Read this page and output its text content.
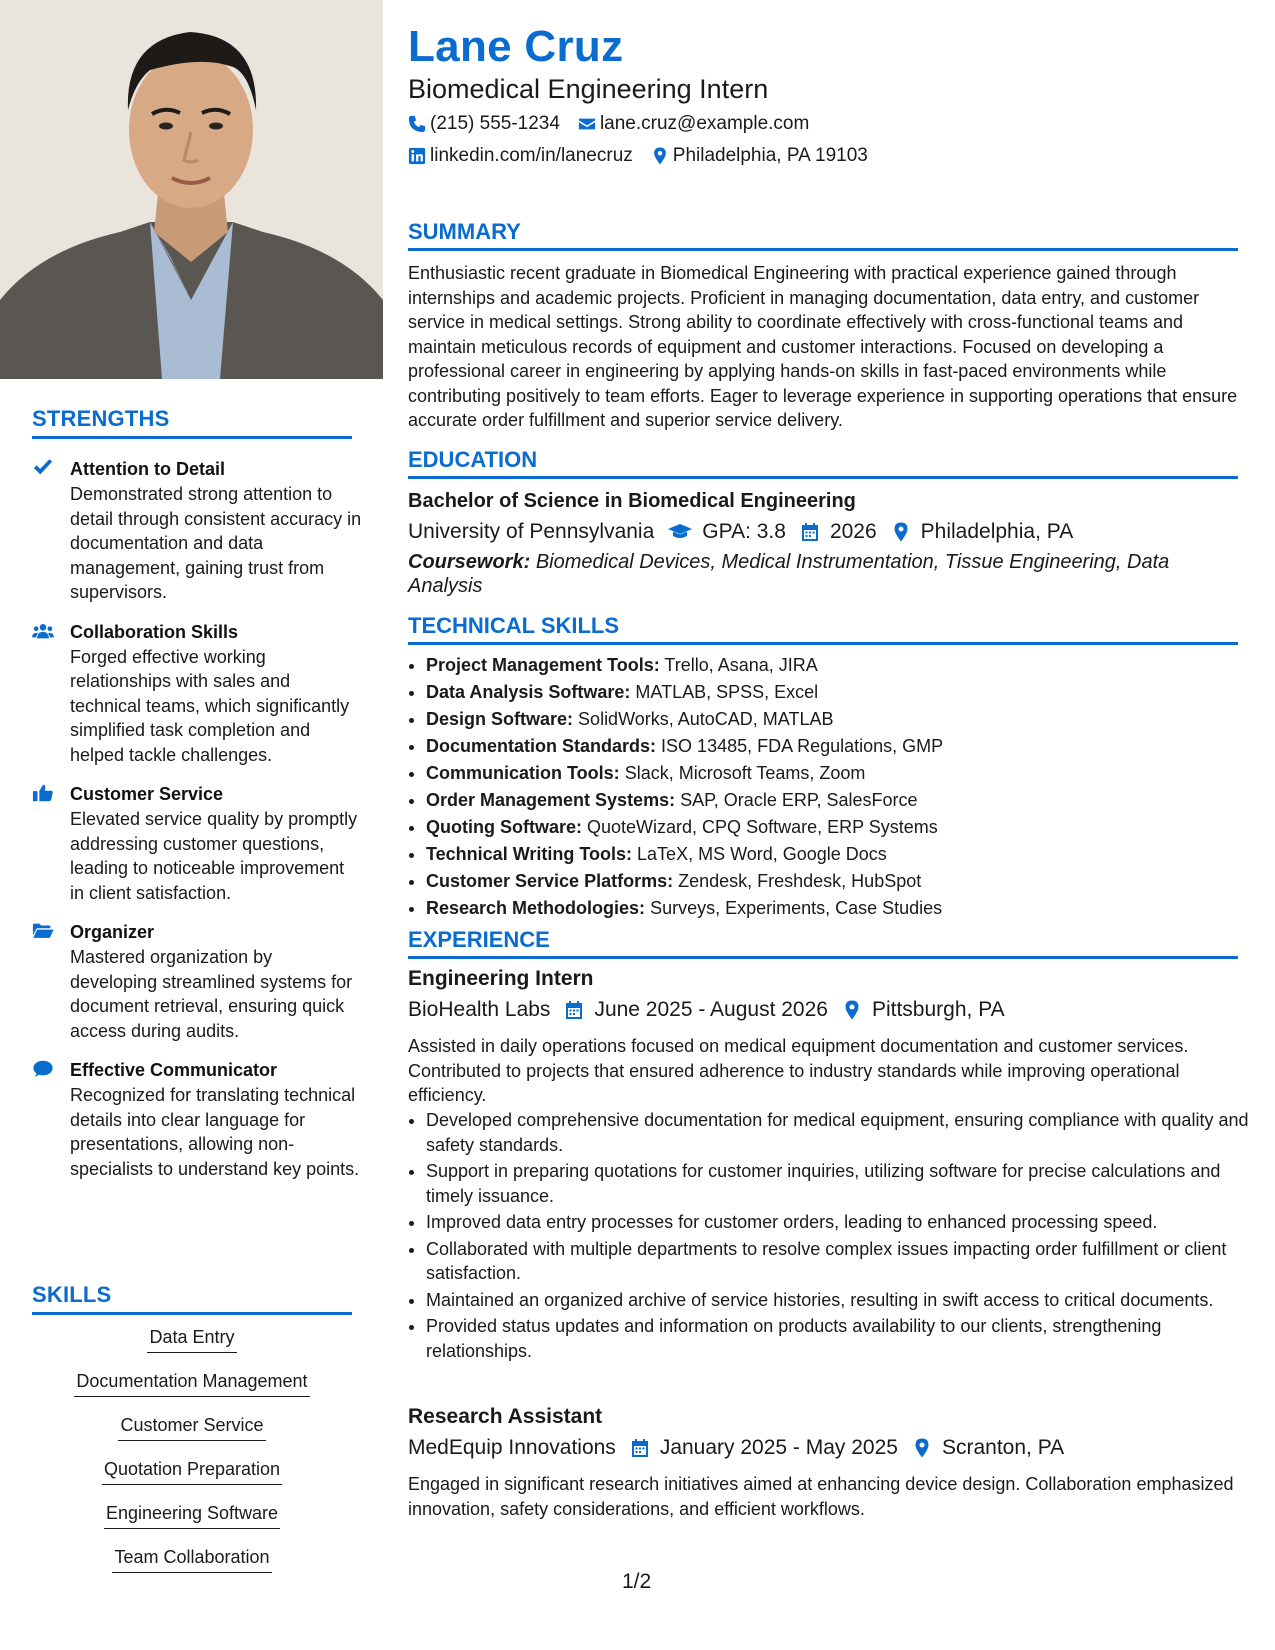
STRENGTHS
Attention to Detail
Demonstrated strong attention to detail through consistent accuracy in documentation and data management, gaining trust from supervisors.
Collaboration Skills
Forged effective working relationships with sales and technical teams, which significantly simplified task completion and helped tackle challenges.
Customer Service
Elevated service quality by promptly addressing customer questions, leading to noticeable improvement in client satisfaction.
Organizer
Mastered organization by developing streamlined systems for document retrieval, ensuring quick access during audits.
Effective Communicator
Recognized for translating technical details into clear language for presentations, allowing non-specialists to understand key points.
SKILLS
Data Entry
Documentation Management
Customer Service
Quotation Preparation
Engineering Software
Team Collaboration
Lane Cruz
Biomedical Engineering Intern
(215) 555-1234 lane.cruz@example.com
linkedin.com/in/lanecruz Philadelphia, PA 19103
SUMMARY
Enthusiastic recent graduate in Biomedical Engineering with practical experience gained through internships and academic projects. Proficient in managing documentation, data entry, and customer service in medical settings. Strong ability to coordinate effectively with cross-functional teams and maintain meticulous records of equipment and customer interactions. Focused on developing a professional career in engineering by applying hands-on skills in fast-paced environments while contributing positively to team efforts. Eager to leverage experience in supporting operations that ensure accurate order fulfillment and superior service delivery.
EDUCATION
Bachelor of Science in Biomedical Engineering
University of Pennsylvania GPA: 3.8 2026 Philadelphia, PA
Coursework: Biomedical Devices, Medical Instrumentation, Tissue Engineering, Data Analysis
TECHNICAL SKILLS
• Project Management Tools: Trello, Asana, JIRA
• Data Analysis Software: MATLAB, SPSS, Excel
• Design Software: SolidWorks, AutoCAD, MATLAB
• Documentation Standards: ISO 13485, FDA Regulations, GMP
• Communication Tools: Slack, Microsoft Teams, Zoom
• Order Management Systems: SAP, Oracle ERP, SalesForce
• Quoting Software: QuoteWizard, CPQ Software, ERP Systems
• Technical Writing Tools: LaTeX, MS Word, Google Docs
• Customer Service Platforms: Zendesk, Freshdesk, HubSpot
• Research Methodologies: Surveys, Experiments, Case Studies
EXPERIENCE
Engineering Intern
BioHealth Labs June 2025 - August 2026 Pittsburgh, PA
Assisted in daily operations focused on medical equipment documentation and customer services. Contributed to projects that ensured adherence to industry standards while improving operational efficiency.
• Developed comprehensive documentation for medical equipment, ensuring compliance with quality and safety standards.
• Support in preparing quotations for customer inquiries, utilizing software for precise calculations and timely issuance.
• Improved data entry processes for customer orders, leading to enhanced processing speed.
• Collaborated with multiple departments to resolve complex issues impacting order fulfillment or client satisfaction.
• Maintained an organized archive of service histories, resulting in swift access to critical documents.
• Provided status updates and information on products availability to our clients, strengthening relationships.
Research Assistant
MedEquip Innovations January 2025 - May 2025 Scranton, PA
Engaged in significant research initiatives aimed at enhancing device design. Collaboration emphasized innovation, safety considerations, and efficient workflows.
1/2
